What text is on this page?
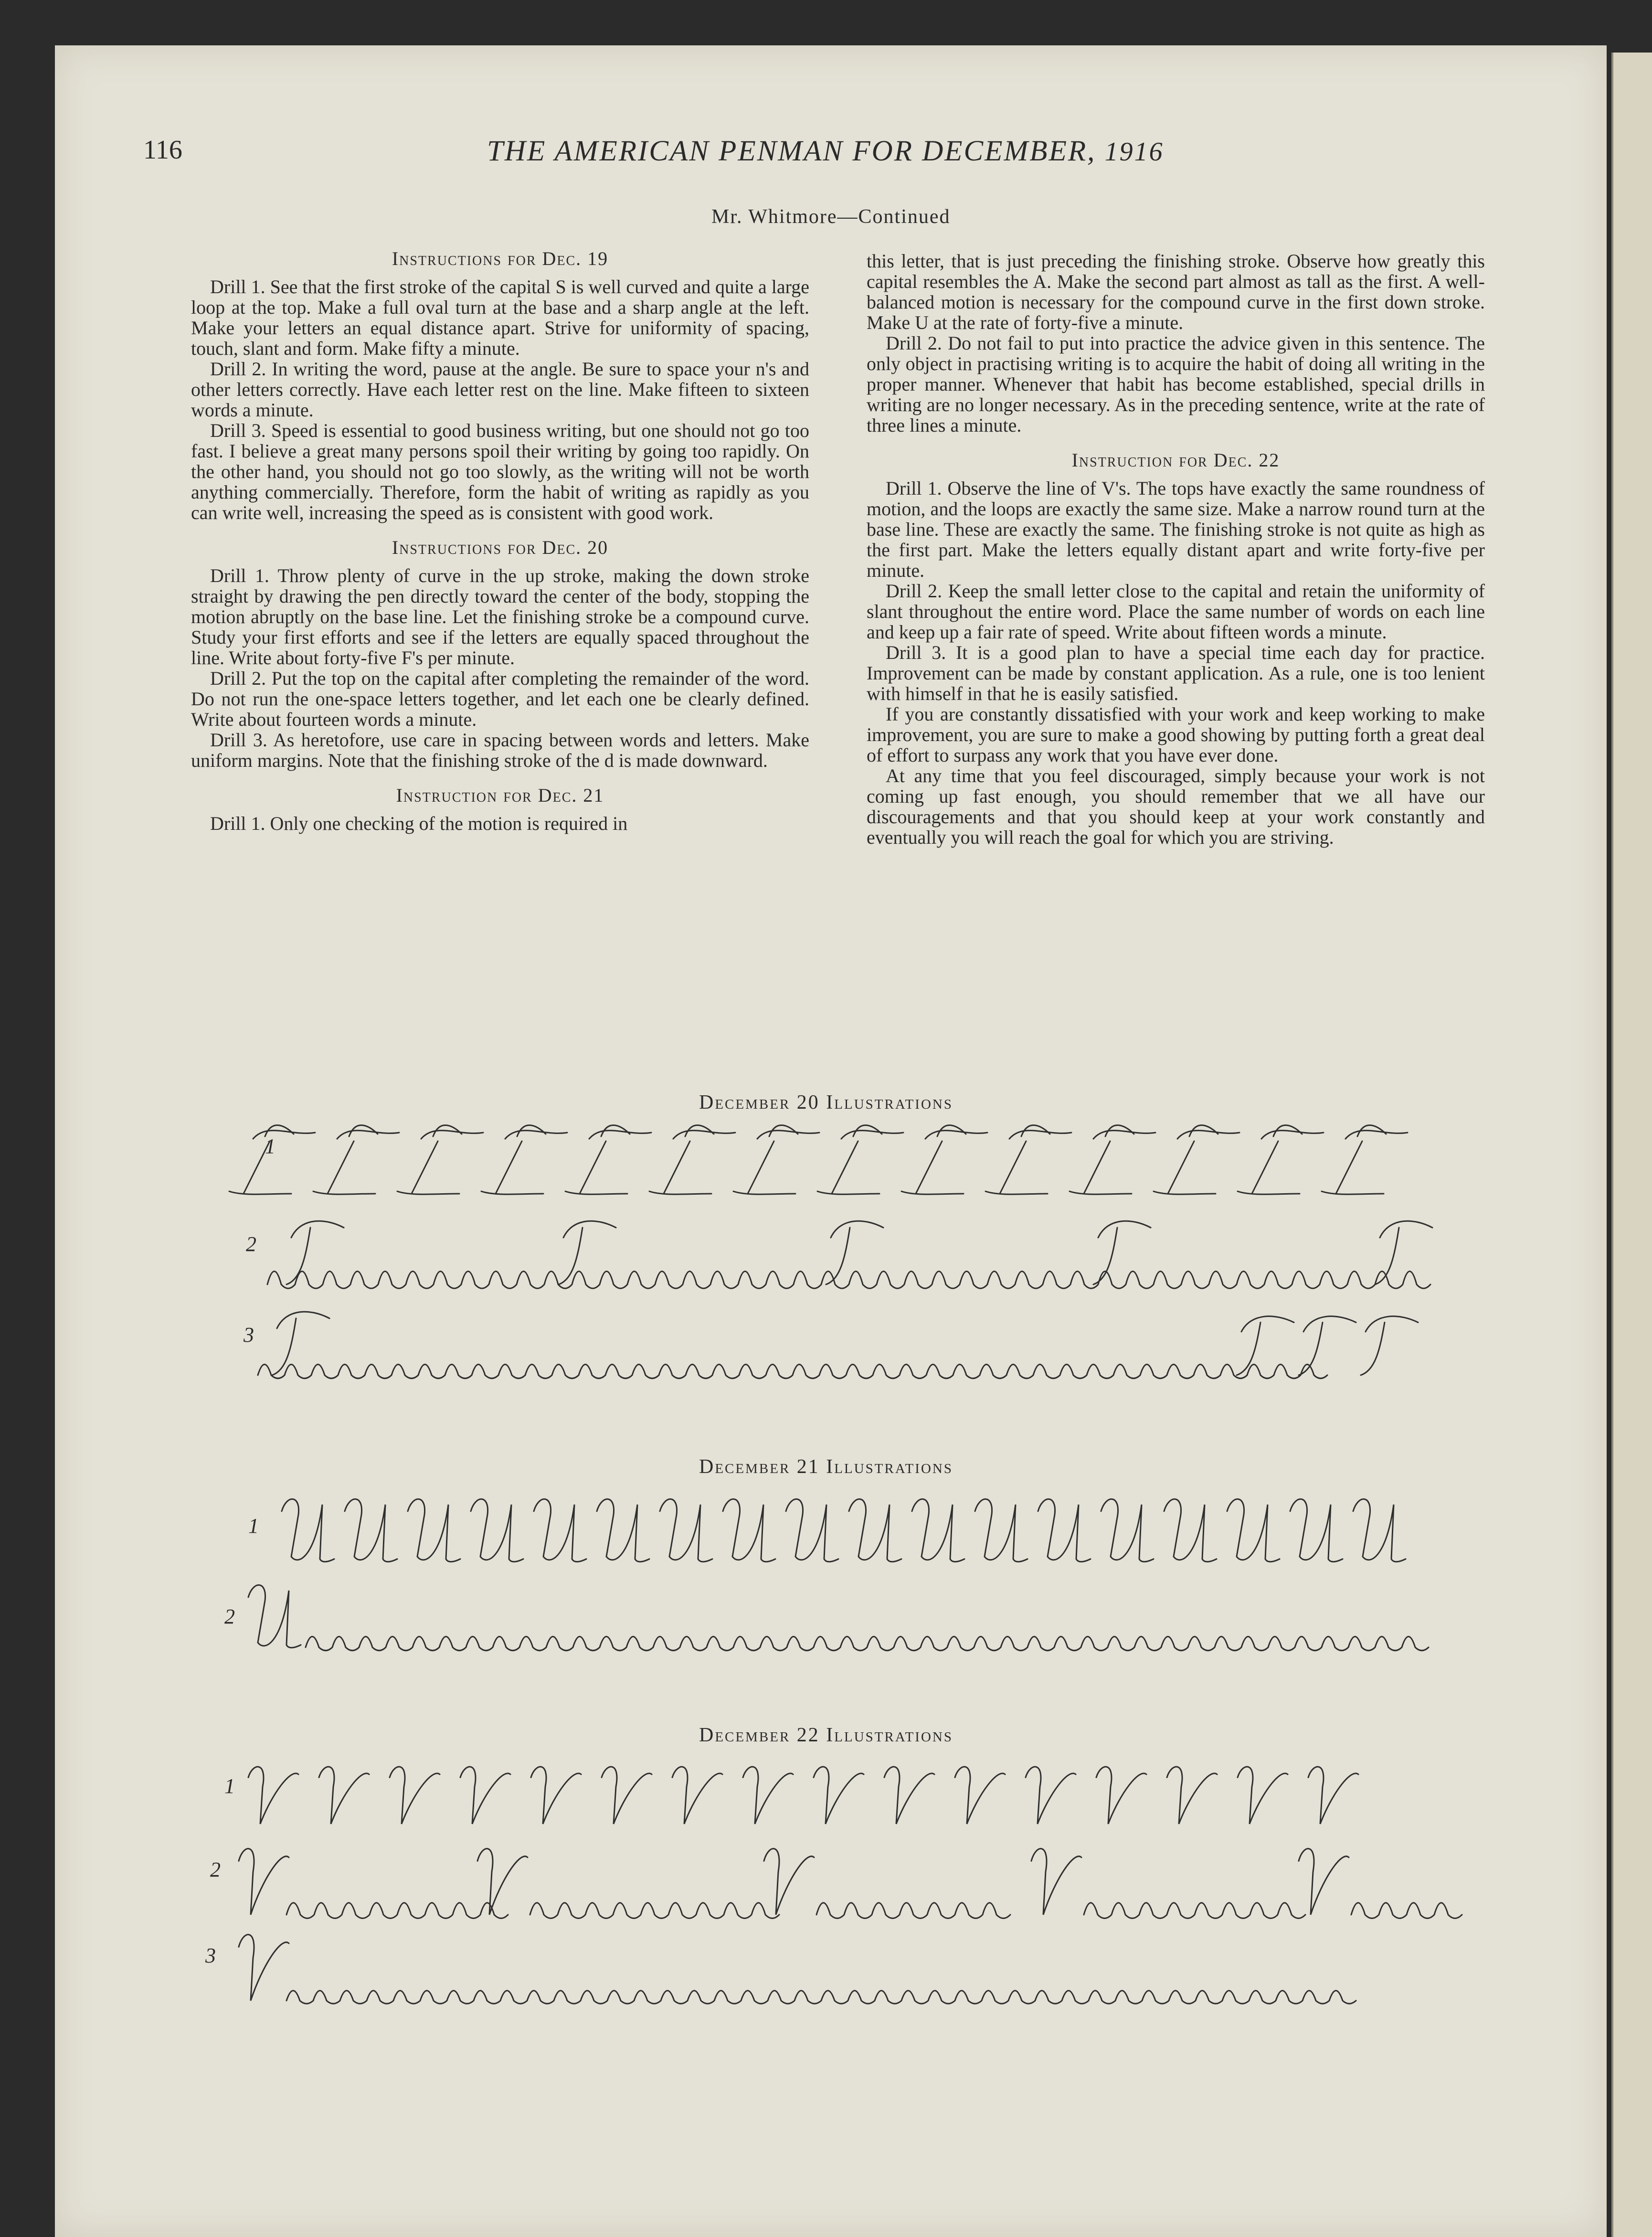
116	THE AMERICAN PENMAN FOR DECEMBER, 1916
Mr. Whitmore—Continued
Instructions for Dec. 19

Drill 1. See that the first stroke of the capital S is well curved and quite a large loop at the top. Make a full oval turn at the base and a sharp angle at the left. Make your letters an equal distance apart. Strive for uniformity of spacing, touch, slant and form. Make fifty a minute.

Drill 2. In writing the word, pause at the angle. Be sure to space your n's and other letters correctly. Have each letter rest on the line. Make fifteen to sixteen words a minute.

Drill 3. Speed is essential to good business writing, but one should not go too fast. I believe a great many persons spoil their writing by going too rapidly. On the other hand, you should not go too slowly, as the writing will not be worth anything commercially. Therefore, form the habit of writing as rapidly as you can write well, increasing the speed as is consistent with good work.

Instructions for Dec. 20

Drill 1. Throw plenty of curve in the up stroke, making the down stroke straight by drawing the pen directly toward the center of the body, stopping the motion abruptly on the base line. Let the finishing stroke be a compound curve. Study your first efforts and see if the letters are equally spaced throughout the line. Write about forty-five F's per minute.

Drill 2. Put the top on the capital after completing the remainder of the word. Do not run the one-space letters together, and let each one be clearly defined. Write about fourteen words a minute.

Drill 3. As heretofore, use care in spacing between words and letters. Make uniform margins. Note that the finishing stroke of the d is made downward.

Instruction for Dec. 21

Drill 1. Only one checking of the motion is required in

this letter, that is just preceding the finishing stroke. Observe how greatly this capital resembles the A. Make the second part almost as tall as the first. A well-balanced motion is necessary for the compound curve in the first down stroke. Make U at the rate of forty-five a minute.

Drill 2. Do not fail to put into practice the advice given in this sentence. The only object in practising writing is to acquire the habit of doing all writing in the proper manner. Whenever that habit has become established, special drills in writing are no longer necessary. As in the preceding sentence, write at the rate of three lines a minute.

Instruction for Dec. 22

Drill 1. Observe the line of V's. The tops have exactly the same roundness of motion, and the loops are exactly the same size. Make a narrow round turn at the base line. These are exactly the same. The finishing stroke is not quite as high as the first part. Make the letters equally distant apart and write forty-five per minute.

Drill 2. Keep the small letter close to the capital and retain the uniformity of slant throughout the entire word. Place the same number of words on each line and keep up a fair rate of speed. Write about fifteen words a minute.

Drill 3. It is a good plan to have a special time each day for practice. Improvement can be made by constant application. As a rule, one is too lenient with himself in that he is easily satisfied.

If you are constantly dissatisfied with your work and keep working to make improvement, you are sure to make a good showing by putting forth a great deal of effort to surpass any work that you have ever done.

At any time that you feel discouraged, simply because your work is not coming up fast enough, you should remember that we all have our discouragements and that you should keep at your work constantly and eventually you will reach the goal for which you are striving.

December 20 Illustrations
December 21 Illustrations
December 22 Illustrations
1
2
3
1
2
1
2
3
